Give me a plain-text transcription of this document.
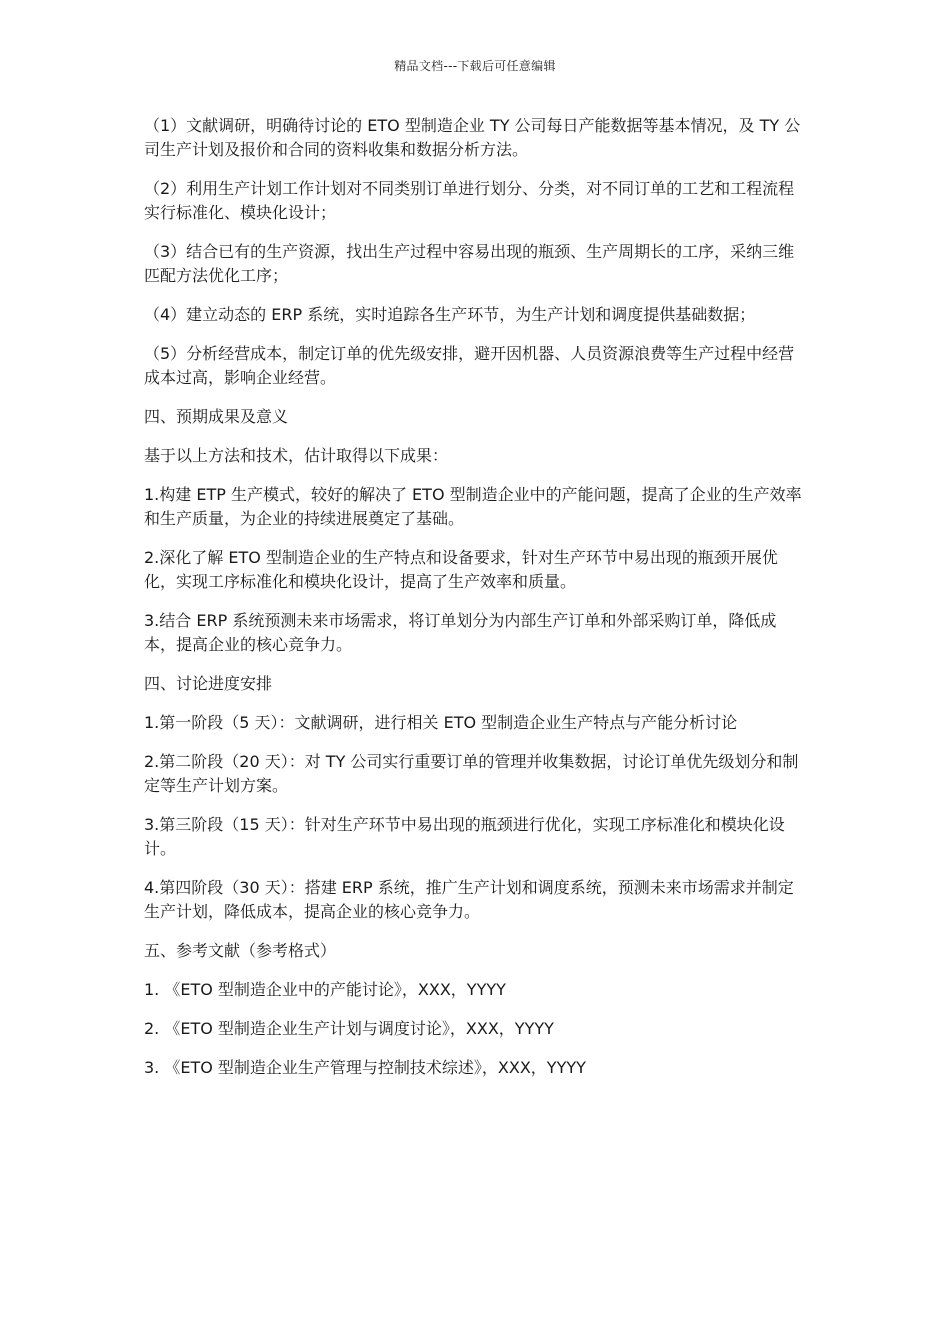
精品文档---下载后可任意编辑

（1）文献调研，明确待讨论的 ETO 型制造企业 TY 公司每日产能数据等基本情况，及 TY 公司生产计划及报价和合同的资料收集和数据分析方法。

（2）利用生产计划工作计划对不同类别订单进行划分、分类，对不同订单的工艺和工程流程实行标准化、模块化设计；

（3）结合已有的生产资源，找出生产过程中容易出现的瓶颈、生产周期长的工序，采纳三维匹配方法优化工序；

（4）建立动态的 ERP 系统，实时追踪各生产环节，为生产计划和调度提供基础数据；

（5）分析经营成本，制定订单的优先级安排，避开因机器、人员资源浪费等生产过程中经营成本过高，影响企业经营。

四、预期成果及意义

基于以上方法和技术，估计取得以下成果：

1.构建 ETP 生产模式，较好的解决了 ETO 型制造企业中的产能问题，提高了企业的生产效率和生产质量，为企业的持续进展奠定了基础。

2.深化了解 ETO 型制造企业的生产特点和设备要求，针对生产环节中易出现的瓶颈开展优化，实现工序标准化和模块化设计，提高了生产效率和质量。

3.结合 ERP 系统预测未来市场需求，将订单划分为内部生产订单和外部采购订单，降低成本，提高企业的核心竞争力。

四、讨论进度安排

1.第一阶段（5 天）：文献调研，进行相关 ETO 型制造企业生产特点与产能分析讨论

2.第二阶段（20 天）：对 TY 公司实行重要订单的管理并收集数据，讨论订单优先级划分和制定等生产计划方案。

3.第三阶段（15 天）：针对生产环节中易出现的瓶颈进行优化，实现工序标准化和模块化设计。

4.第四阶段（30 天）：搭建 ERP 系统，推广生产计划和调度系统，预测未来市场需求并制定生产计划，降低成本，提高企业的核心竞争力。

五、参考文献（参考格式）

1. 《ETO 型制造企业中的产能讨论》，XXX，YYYY

2. 《ETO 型制造企业生产计划与调度讨论》，XXX，YYYY

3. 《ETO 型制造企业生产管理与控制技术综述》，XXX，YYYY
